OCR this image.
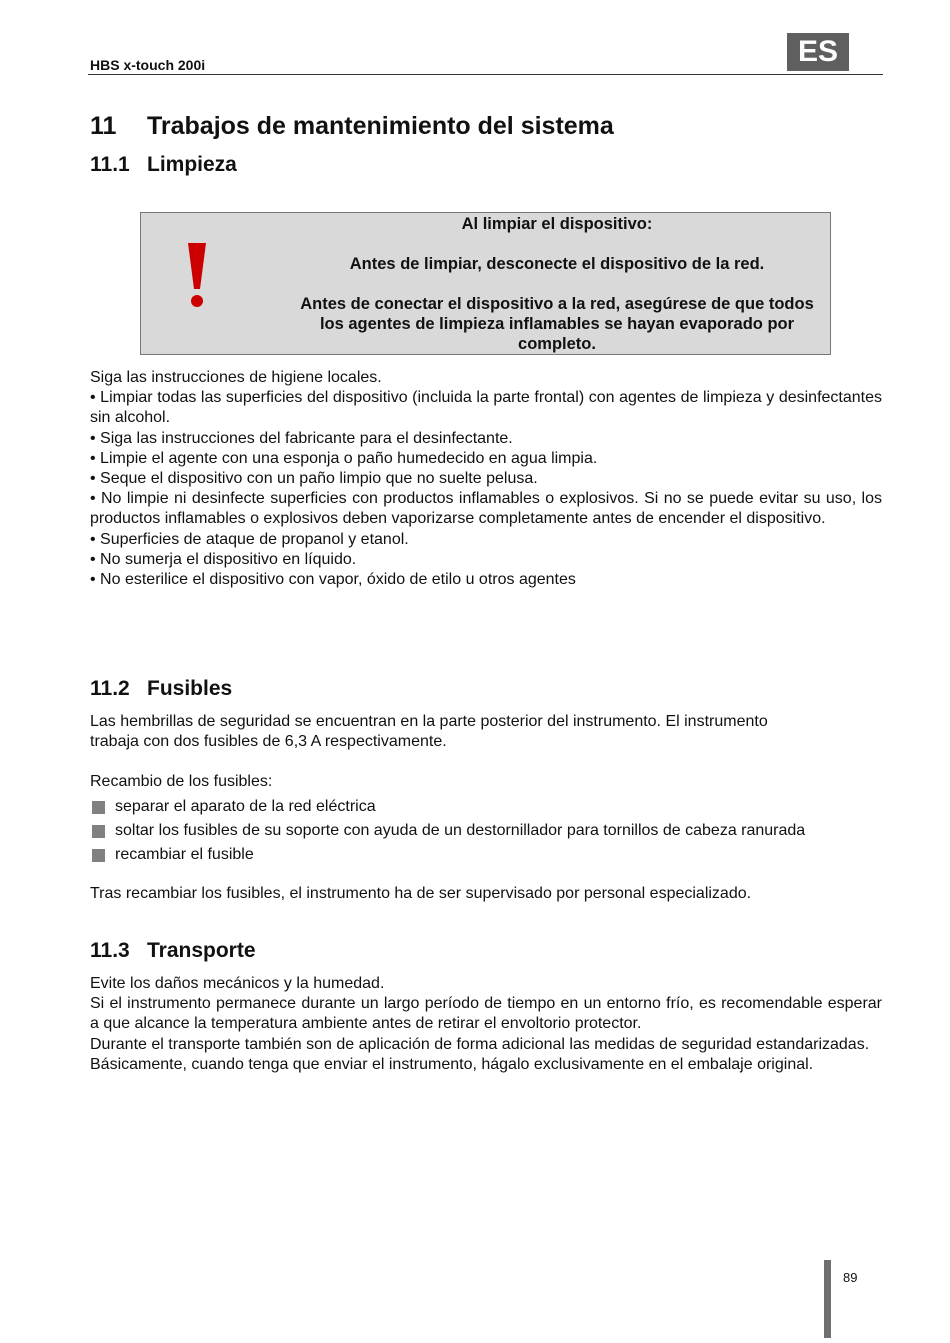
HBS x-touch 200i	ES
11 Trabajos de mantenimiento del sistema
11.1 Limpieza
Al limpiar el dispositivo:
Antes de limpiar, desconecte el dispositivo de la red.
Antes de conectar el dispositivo a la red, asegúrese de que todos los agentes de limpieza inflamables se hayan evaporado por completo.
Siga las instrucciones de higiene locales.
• Limpiar todas las superficies del dispositivo (incluida la parte frontal) con agentes de limpieza y desinfectantes sin alcohol.
• Siga las instrucciones del fabricante para el desinfectante.
• Limpie el agente con una esponja o paño humedecido en agua limpia.
• Seque el dispositivo con un paño limpio que no suelte pelusa.
• No limpie ni desinfecte superficies con productos inflamables o explosivos. Si no se puede evitar su uso, los productos inflamables o explosivos deben vaporizarse completamente antes de encender el dispositivo.
• Superficies de ataque de propanol y etanol.
• No sumerja el dispositivo en líquido.
• No esterilice el dispositivo con vapor, óxido de etilo u otros agentes
11.2 Fusibles
Las hembrillas de seguridad se encuentran en la parte posterior del instrumento. El instrumento
trabaja con dos fusibles de 6,3 A respectivamente.
Recambio de los fusibles:
separar el aparato de la red eléctrica
soltar los fusibles de su soporte con ayuda de un destornillador para tornillos de cabeza ranurada
recambiar el fusible
Tras recambiar los fusibles, el instrumento ha de ser supervisado por personal especializado.
11.3 Transporte
Evite los daños mecánicos y la humedad.
Si el instrumento permanece durante un largo período de tiempo en un entorno frío, es recomendable esperar a que alcance la temperatura ambiente antes de retirar el envoltorio protector.
Durante el transporte también son de aplicación de forma adicional las medidas de seguridad estandarizadas.
Básicamente, cuando tenga que enviar el instrumento, hágalo exclusivamente en el embalaje original.
89
